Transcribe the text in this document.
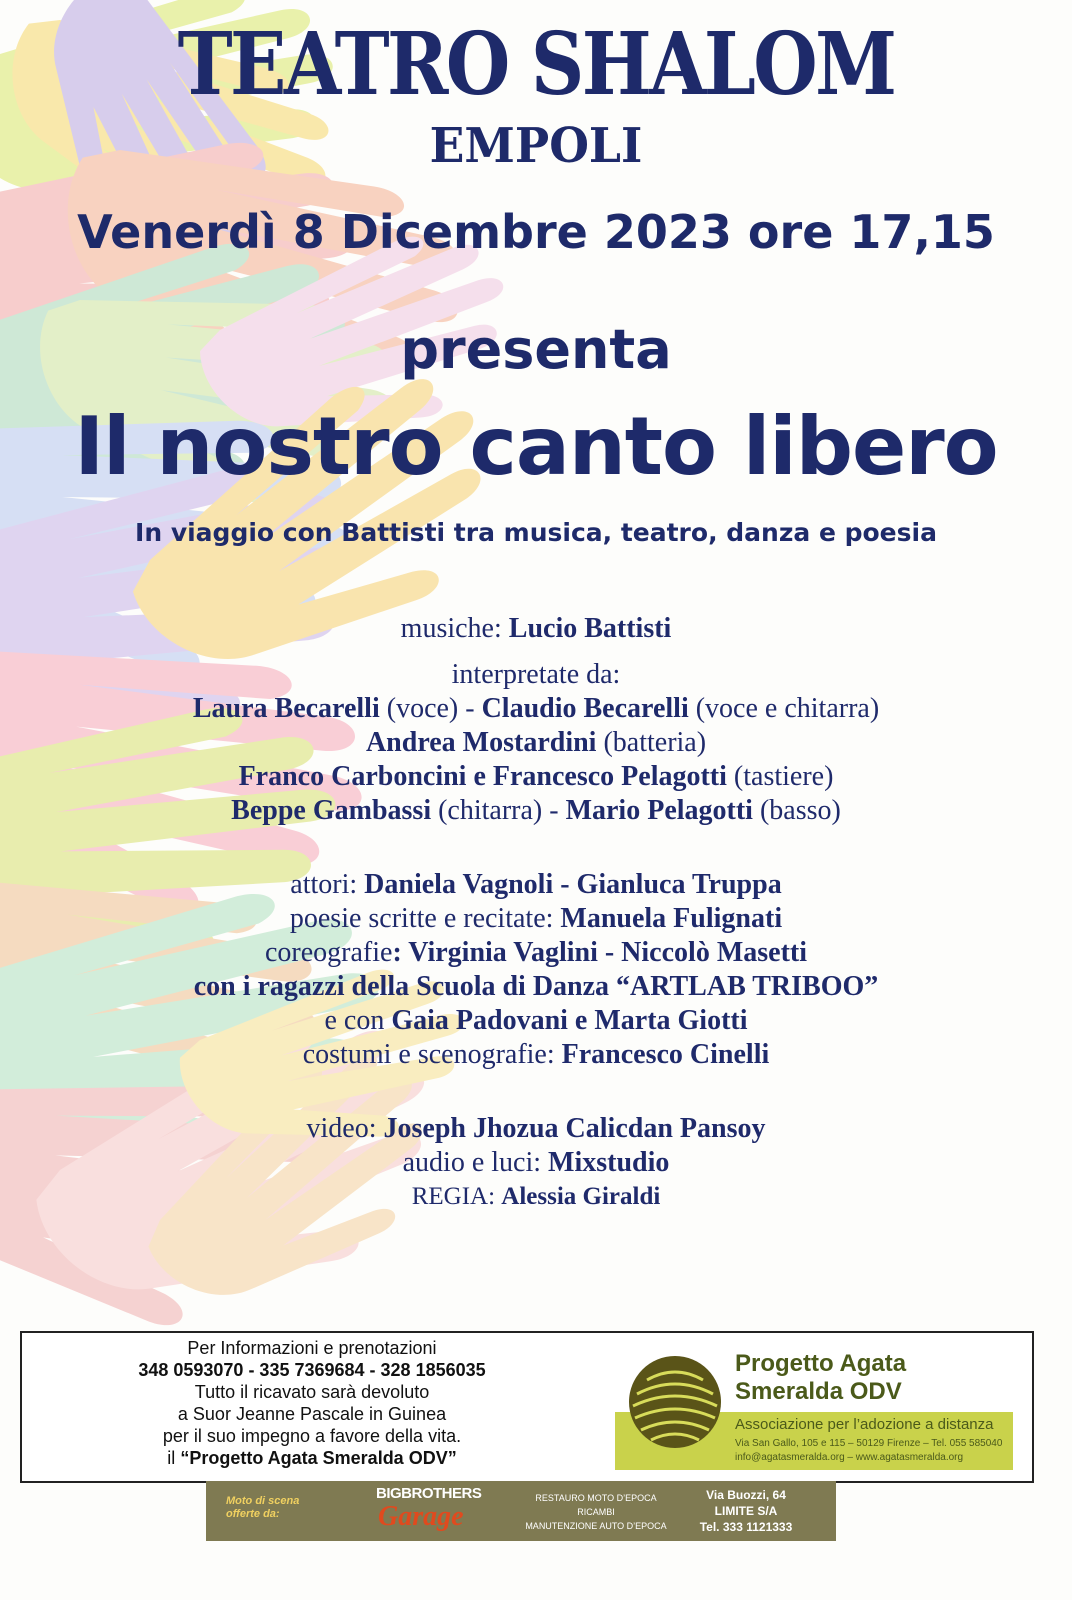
TEATRO SHALOM
EMPOLI
Venerdì 8 Dicembre 2023 ore 17,15
presenta
Il nostro canto libero
In viaggio con Battisti tra musica, teatro, danza e poesia
musiche: Lucio Battisti
interpretate da:
Laura Becarelli (voce) - Claudio Becarelli (voce e chitarra)
Andrea Mostardini (batteria)
Franco Carboncini e Francesco Pelagotti (tastiere)
Beppe Gambassi (chitarra) - Mario Pelagotti (basso)
attori: Daniela Vagnoli - Gianluca Truppa
poesie scritte e recitate: Manuela Fulignati
coreografie: Virginia Vaglini - Niccolò Masetti
con i ragazzi della Scuola di Danza “ARTLAB TRIBOO”
e con Gaia Padovani e Marta Giotti
costumi e scenografie: Francesco Cinelli
video: Joseph Jhozua Calicdan Pansoy
audio e luci: Mixstudio
REGIA: Alessia Giraldi
Per Informazioni e prenotazioni
348 0593070 - 335 7369684 - 328 1856035
Tutto il ricavato sarà devoluto
a Suor Jeanne Pascale in Guinea
per il suo impegno a favore della vita.
il “Progetto Agata Smeralda ODV”
Associazione per l’adozione a distanza
Via San Gallo, 105 e 115 – 50129 Firenze – Tel. 055 585040
info@agatasmeralda.org – www.agatasmeralda.org
Progetto Agata
Smeralda ODV
Moto di scena
offerte da:
BIGBROTHERS
Garage
RESTAURO MOTO D’EPOCA
RICAMBI
MANUTENZIONE AUTO D’EPOCA
Via Buozzi, 64
LIMITE S/A
Tel. 333 1121333
